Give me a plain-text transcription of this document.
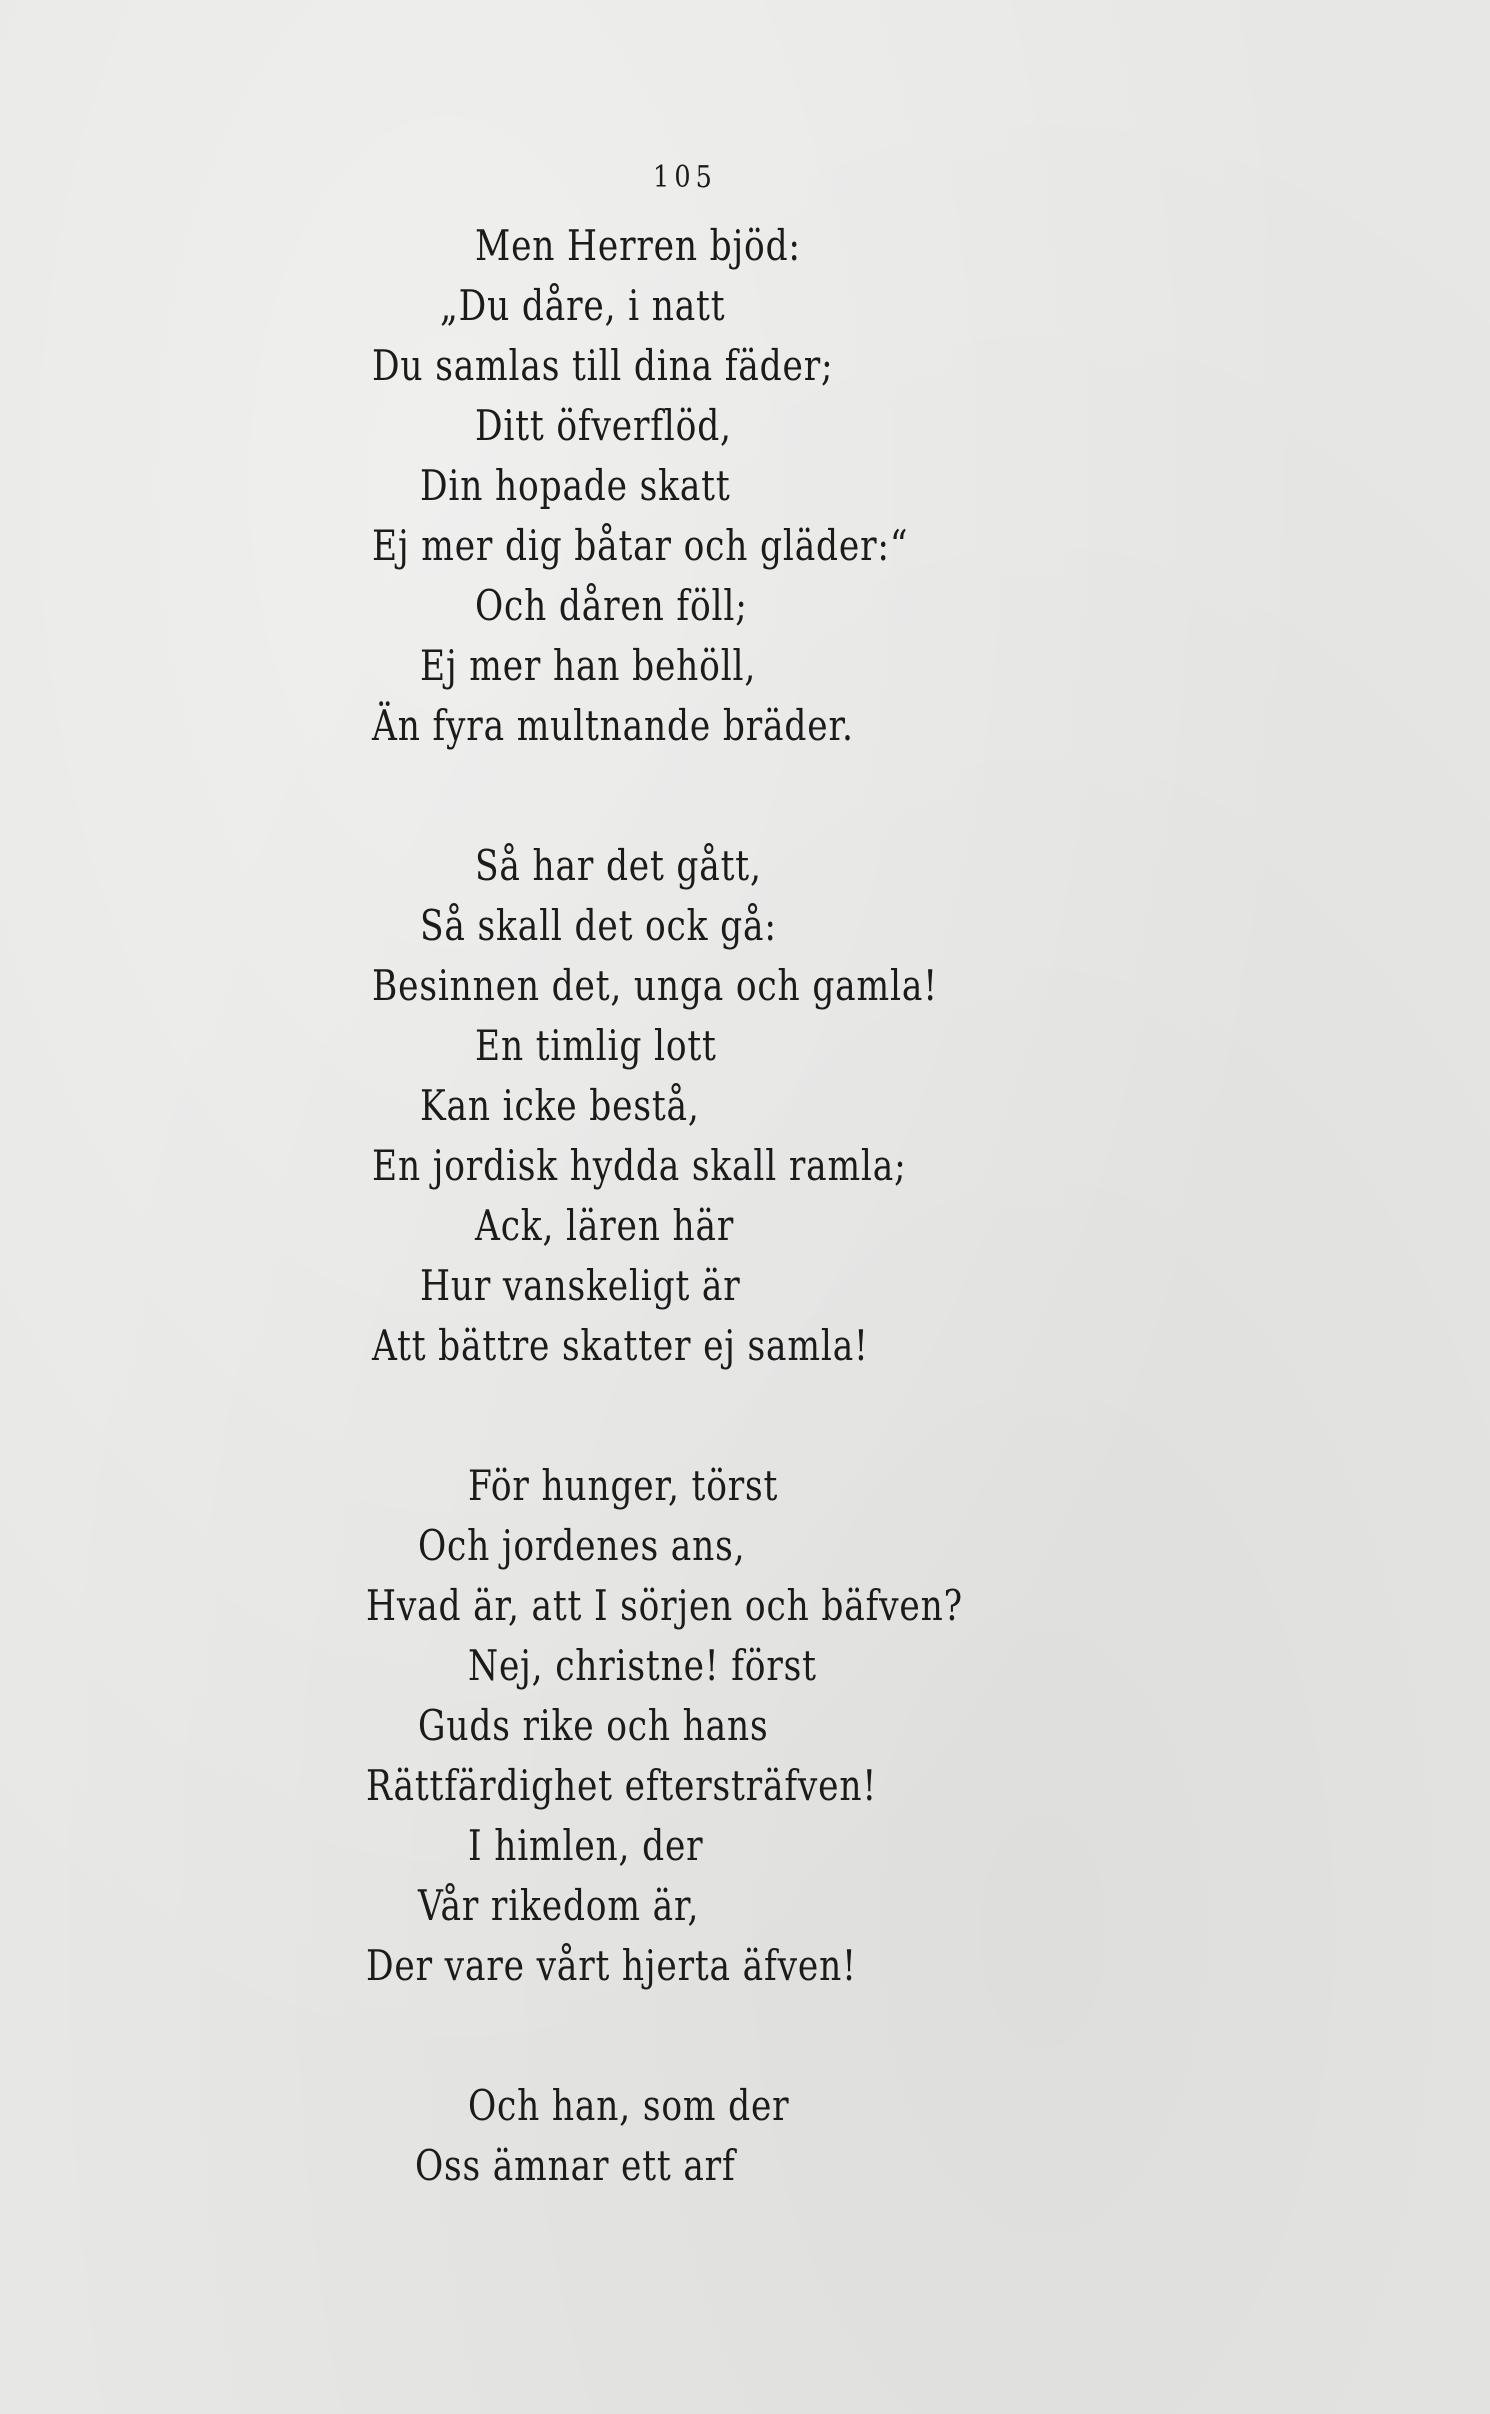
105
Men Herren bjöd:
„Du dåre, i natt
Du samlas till dina fäder;
Ditt öfverflöd,
Din hopade skatt
Ej mer dig båtar och gläder:“
Och dåren föll;
Ej mer han behöll,
Än fyra multnande bräder.
Så har det gått,
Så skall det ock gå:
Besinnen det, unga och gamla!
En timlig lott
Kan icke bestå,
En jordisk hydda skall ramla;
Ack, lären här
Hur vanskeligt är
Att bättre skatter ej samla!
För hunger, törst
Och jordenes ans,
Hvad är, att I sörjen och bäfven?
Nej, christne! först
Guds rike och hans
Rättfärdighet eftersträfven!
I himlen, der
Vår rikedom är,
Der vare vårt hjerta äfven!
Och han, som der
Oss ämnar ett arf
